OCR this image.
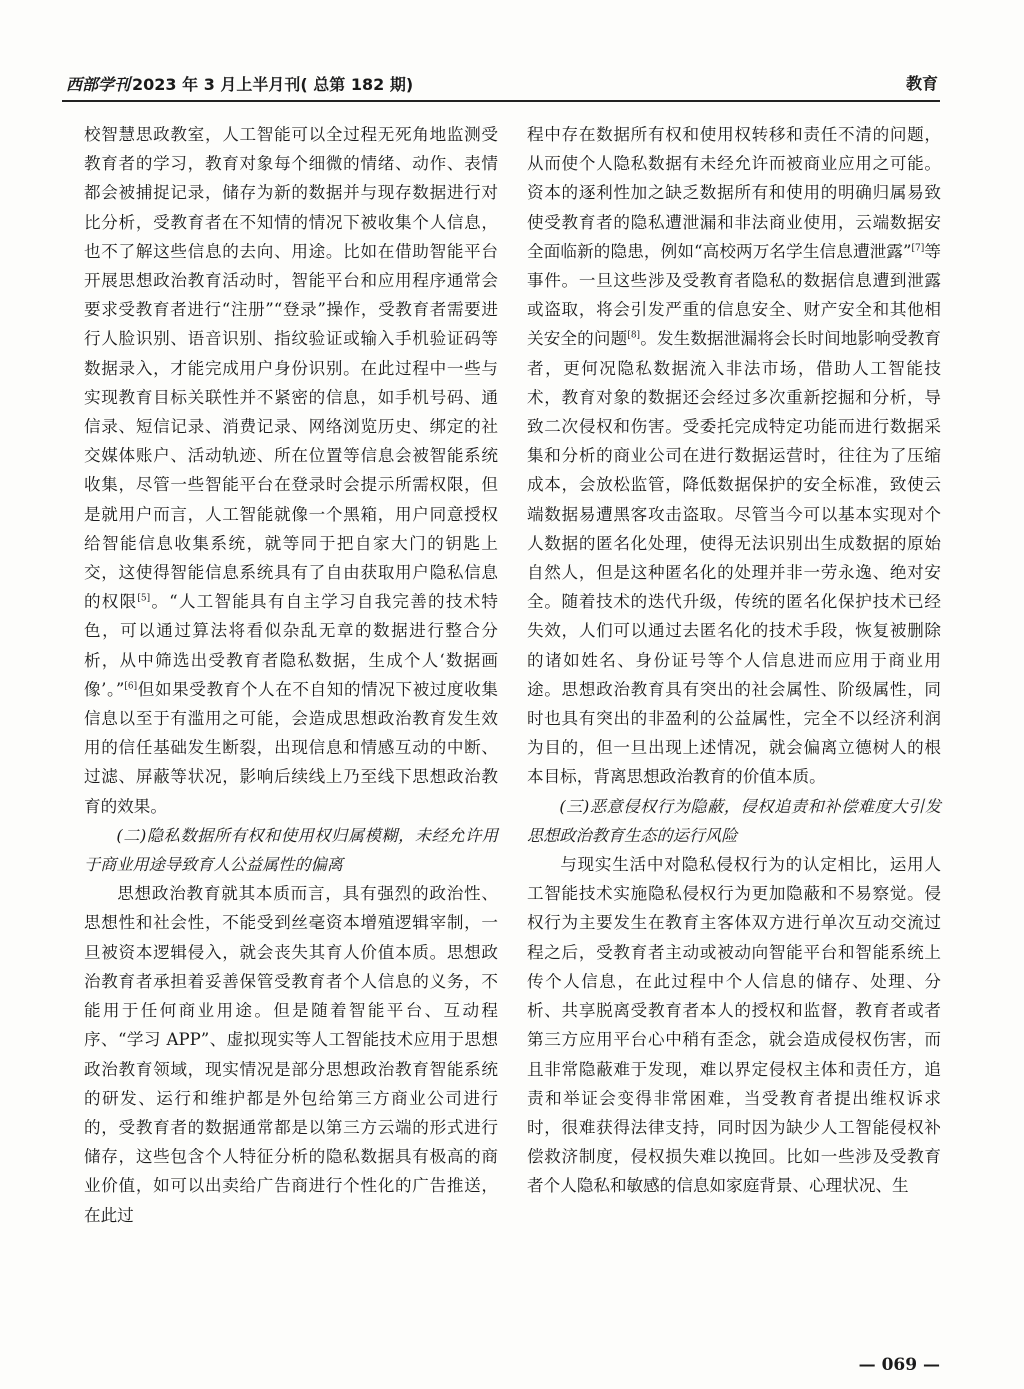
西部学刊 2023 年 3 月上半月刊( 总第 182 期)	教育

校智慧思政教室，人工智能可以全过程无死角地监测受教育者的学习，教育对象每个细微的情绪、动作、表情都会被捕捉记录，储存为新的数据并与现存数据进行对比分析，受教育者在不知情的情况下被收集个人信息，也不了解这些信息的去向、用途。比如在借助智能平台开展思想政治教育活动时，智能平台和应用程序通常会要求受教育者进行“注册”“登录”操作，受教育者需要进行人脸识别、语音识别、指纹验证或输入手机验证码等数据录入，才能完成用户身份识别。在此过程中一些与实现教育目标关联性并不紧密的信息，如手机号码、通信录、短信记录、消费记录、网络浏览历史、绑定的社交媒体账户、活动轨迹、所在位置等信息会被智能系统收集，尽管一些智能平台在登录时会提示所需权限，但是就用户而言，人工智能就像一个黑箱，用户同意授权给智能信息收集系统，就等同于把自家大门的钥匙上交，这使得智能信息系统具有了自由获取用户隐私信息的权限[5]。“人工智能具有自主学习自我完善的技术特色，可以通过算法将看似杂乱无章的数据进行整合分析，从中筛选出受教育者隐私数据，生成个人‘数据画像’。”[6]但如果受教育个人在不自知的情况下被过度收集信息以至于有滥用之可能，会造成思想政治教育发生效用的信任基础发生断裂，出现信息和情感互动的中断、过滤、屏蔽等状况，影响后续线上乃至线下思想政治教育的效果。

(二)隐私数据所有权和使用权归属模糊，未经允许用于商业用途导致育人公益属性的偏离

思想政治教育就其本质而言，具有强烈的政治性、思想性和社会性，不能受到丝毫资本增殖逻辑宰制，一旦被资本逻辑侵入，就会丧失其育人价值本质。思想政治教育者承担着妥善保管受教育者个人信息的义务，不能用于任何商业用途。但是随着智能平台、互动程序、“学习 APP”、虚拟现实等人工智能技术应用于思想政治教育领域，现实情况是部分思想政治教育智能系统的研发、运行和维护都是外包给第三方商业公司进行的，受教育者的数据通常都是以第三方云端的形式进行储存，这些包含个人特征分析的隐私数据具有极高的商业价值，如可以出卖给广告商进行个性化的广告推送，在此过

程中存在数据所有权和使用权转移和责任不清的问题，从而使个人隐私数据有未经允许而被商业应用之可能。资本的逐利性加之缺乏数据所有和使用的明确归属易致使受教育者的隐私遭泄漏和非法商业使用，云端数据安全面临新的隐患，例如“高校两万名学生信息遭泄露”[7]等事件。一旦这些涉及受教育者隐私的数据信息遭到泄露或盗取，将会引发严重的信息安全、财产安全和其他相关安全的问题[8]。发生数据泄漏将会长时间地影响受教育者，更何况隐私数据流入非法市场，借助人工智能技术，教育对象的数据还会经过多次重新挖掘和分析，导致二次侵权和伤害。受委托完成特定功能而进行数据采集和分析的商业公司在进行数据运营时，往往为了压缩成本，会放松监管，降低数据保护的安全标准，致使云端数据易遭黑客攻击盗取。尽管当今可以基本实现对个人数据的匿名化处理，使得无法识别出生成数据的原始自然人，但是这种匿名化的处理并非一劳永逸、绝对安全。随着技术的迭代升级，传统的匿名化保护技术已经失效，人们可以通过去匿名化的技术手段，恢复被删除的诸如姓名、身份证号等个人信息进而应用于商业用途。思想政治教育具有突出的社会属性、阶级属性，同时也具有突出的非盈利的公益属性，完全不以经济利润为目的，但一旦出现上述情况，就会偏离立德树人的根本目标，背离思想政治教育的价值本质。

(三)恶意侵权行为隐蔽，侵权追责和补偿难度大引发思想政治教育生态的运行风险

与现实生活中对隐私侵权行为的认定相比，运用人工智能技术实施隐私侵权行为更加隐蔽和不易察觉。侵权行为主要发生在教育主客体双方进行单次互动交流过程之后，受教育者主动或被动向智能平台和智能系统上传个人信息，在此过程中个人信息的储存、处理、分析、共享脱离受教育者本人的授权和监督，教育者或者第三方应用平台心中稍有歪念，就会造成侵权伤害，而且非常隐蔽难于发现，难以界定侵权主体和责任方，追责和举证会变得非常困难，当受教育者提出维权诉求时，很难获得法律支持，同时因为缺少人工智能侵权补偿救济制度，侵权损失难以挽回。比如一些涉及受教育者个人隐私和敏感的信息如家庭背景、心理状况、生

— 069 —
